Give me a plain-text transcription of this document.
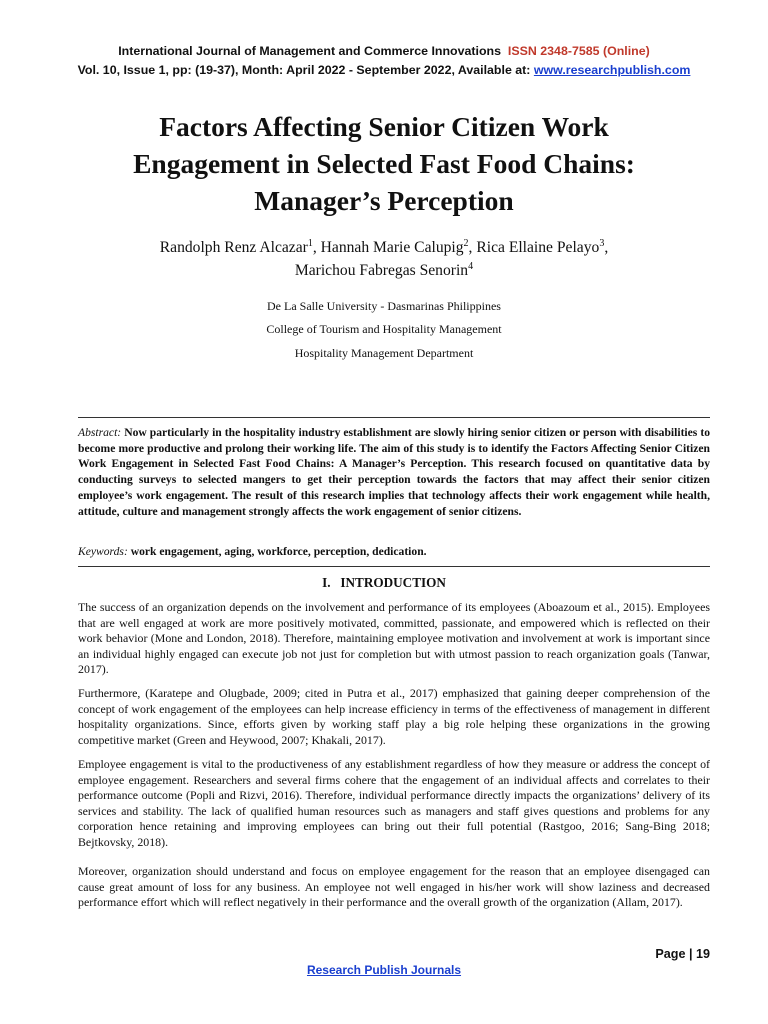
International Journal of Management and Commerce Innovations ISSN 2348-7585 (Online)
Vol. 10, Issue 1, pp: (19-37), Month: April 2022 - September 2022, Available at: www.researchpublish.com
Factors Affecting Senior Citizen Work
Engagement in Selected Fast Food Chains:
Manager’s Perception
Randolph Renz Alcazar$^1$, Hannah Marie Calupig$^2$, Rica Ellaine Pelayo$^3$,
Marichou Fabregas Senorin$^4$
De La Salle University - Dasmarinas Philippines
College of Tourism and Hospitality Management
Hospitality Management Department
Abstract: Now particularly in the hospitality industry establishment are slowly hiring senior citizen or person with disabilities to become more productive and prolong their working life. The aim of this study is to identify the Factors Affecting Senior Citizen Work Engagement in Selected Fast Food Chains: A Manager’s Perception. This research focused on quantitative data by conducting surveys to selected mangers to get their perception towards the factors that may affect their senior citizen employee’s work engagement. The result of this research implies that technology affects their work engagement while health, attitude, culture and management strongly affects the work engagement of senior citizens.
Keywords: work engagement, aging, workforce, perception, dedication.
I. INTRODUCTION

The success of an organization depends on the involvement and performance of its employees (Aboazoum et al., 2015). Employees that are well engaged at work are more positively motivated, committed, passionate, and empowered which is reflected on their work behavior (Mone and London, 2018). Therefore, maintaining employee motivation and involvement at work is important since an individual highly engaged can execute job not just for completion but with utmost passion to reach organization goals (Tanwar, 2017).

Furthermore, (Karatepe and Olugbade, 2009; cited in Putra et al., 2017) emphasized that gaining deeper comprehension of the concept of work engagement of the employees can help increase efficiency in terms of the effectiveness of management in different hospitality organizations. Since, efforts given by working staff play a big role helping these organizations in the growing competitive market (Green and Heywood, 2007; Khakali, 2017).

Employee engagement is vital to the productiveness of any establishment regardless of how they measure or address the concept of employee engagement. Researchers and several firms cohere that the engagement of an individual affects and correlates to their performance outcome (Popli and Rizvi, 2016). Therefore, individual performance directly impacts the organizations’ delivery of its services and stability. The lack of qualified human resources such as managers and staff gives questions and problems for any corporation hence retaining and improving employees can bring out their full potential (Rastgoo, 2016; Sang-Bing 2018; Bejtkovsky, 2018).

Moreover, organization should understand and focus on employee engagement for the reason that an employee disengaged can cause great amount of loss for any business. An employee not well engaged in his/her work will show laziness and decreased performance effort which will reflect negatively in their performance and the overall growth of the organization (Allam, 2017).

Page | 19
Research Publish Journals
